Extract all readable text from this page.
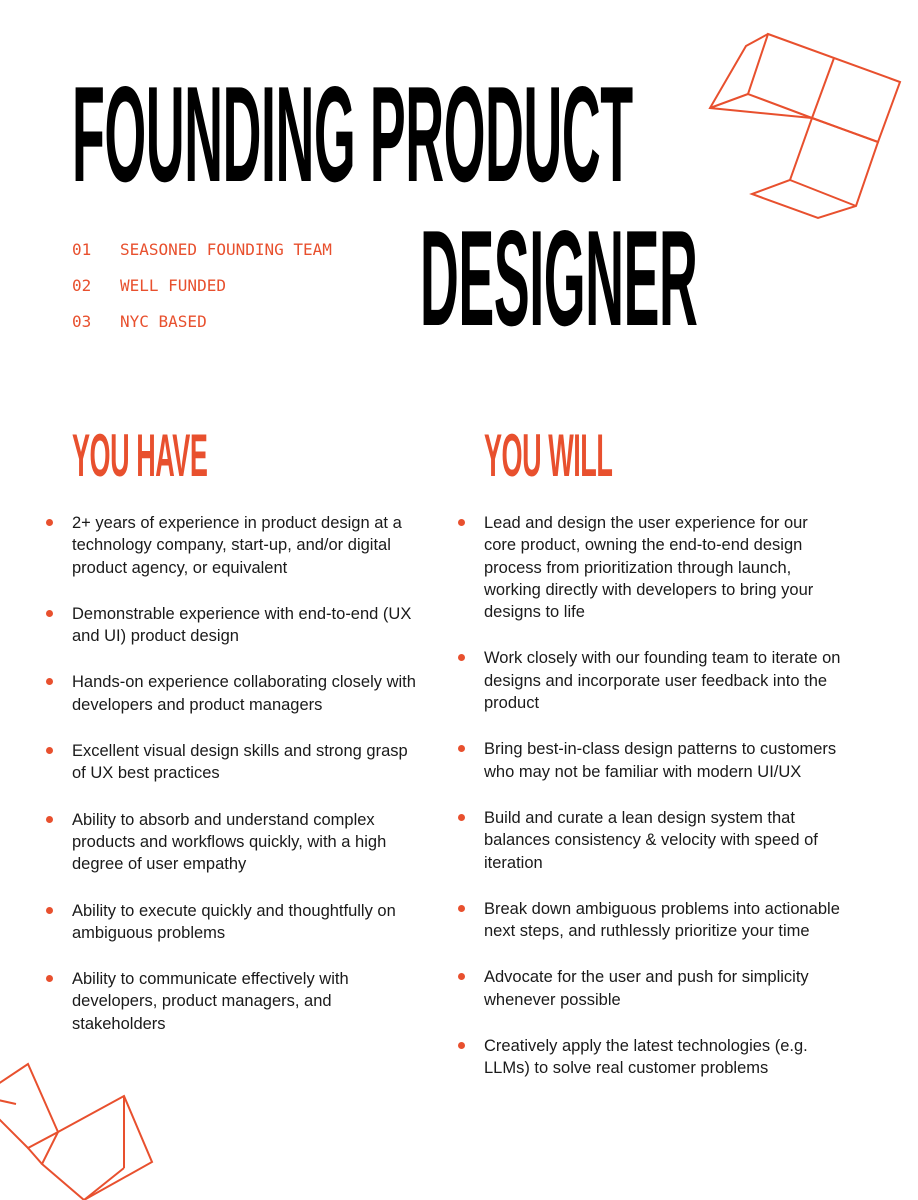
FOUNDING PRODUCT
DESIGNER
01	SEASONED FOUNDING TEAM
02	WELL FUNDED
03	NYC BASED
YOU HAVE	YOU WILL
2+ years of experience in product design at a technology company, start-up, and/or digital product agency, or equivalent
Demonstrable experience with end-to-end (UX and UI) product design
Hands-on experience collaborating closely with developers and product managers
Excellent visual design skills and strong grasp of UX best practices
Ability to absorb and understand complex products and workflows quickly, with a high degree of user empathy
Ability to execute quickly and thoughtfully on ambiguous problems
Ability to communicate effectively with developers, product managers, and stakeholders
Lead and design the user experience for our core product, owning the end-to-end design process from prioritization through launch, working directly with developers to bring your designs to life
Work closely with our founding team to iterate on designs and incorporate user feedback into the product
Bring best-in-class design patterns to customers who may not be familiar with modern UI/UX
Build and curate a lean design system that balances consistency & velocity with speed of iteration
Break down ambiguous problems into actionable next steps, and ruthlessly prioritize your time
Advocate for the user and push for simplicity whenever possible
Creatively apply the latest technologies (e.g. LLMs) to solve real customer problems
